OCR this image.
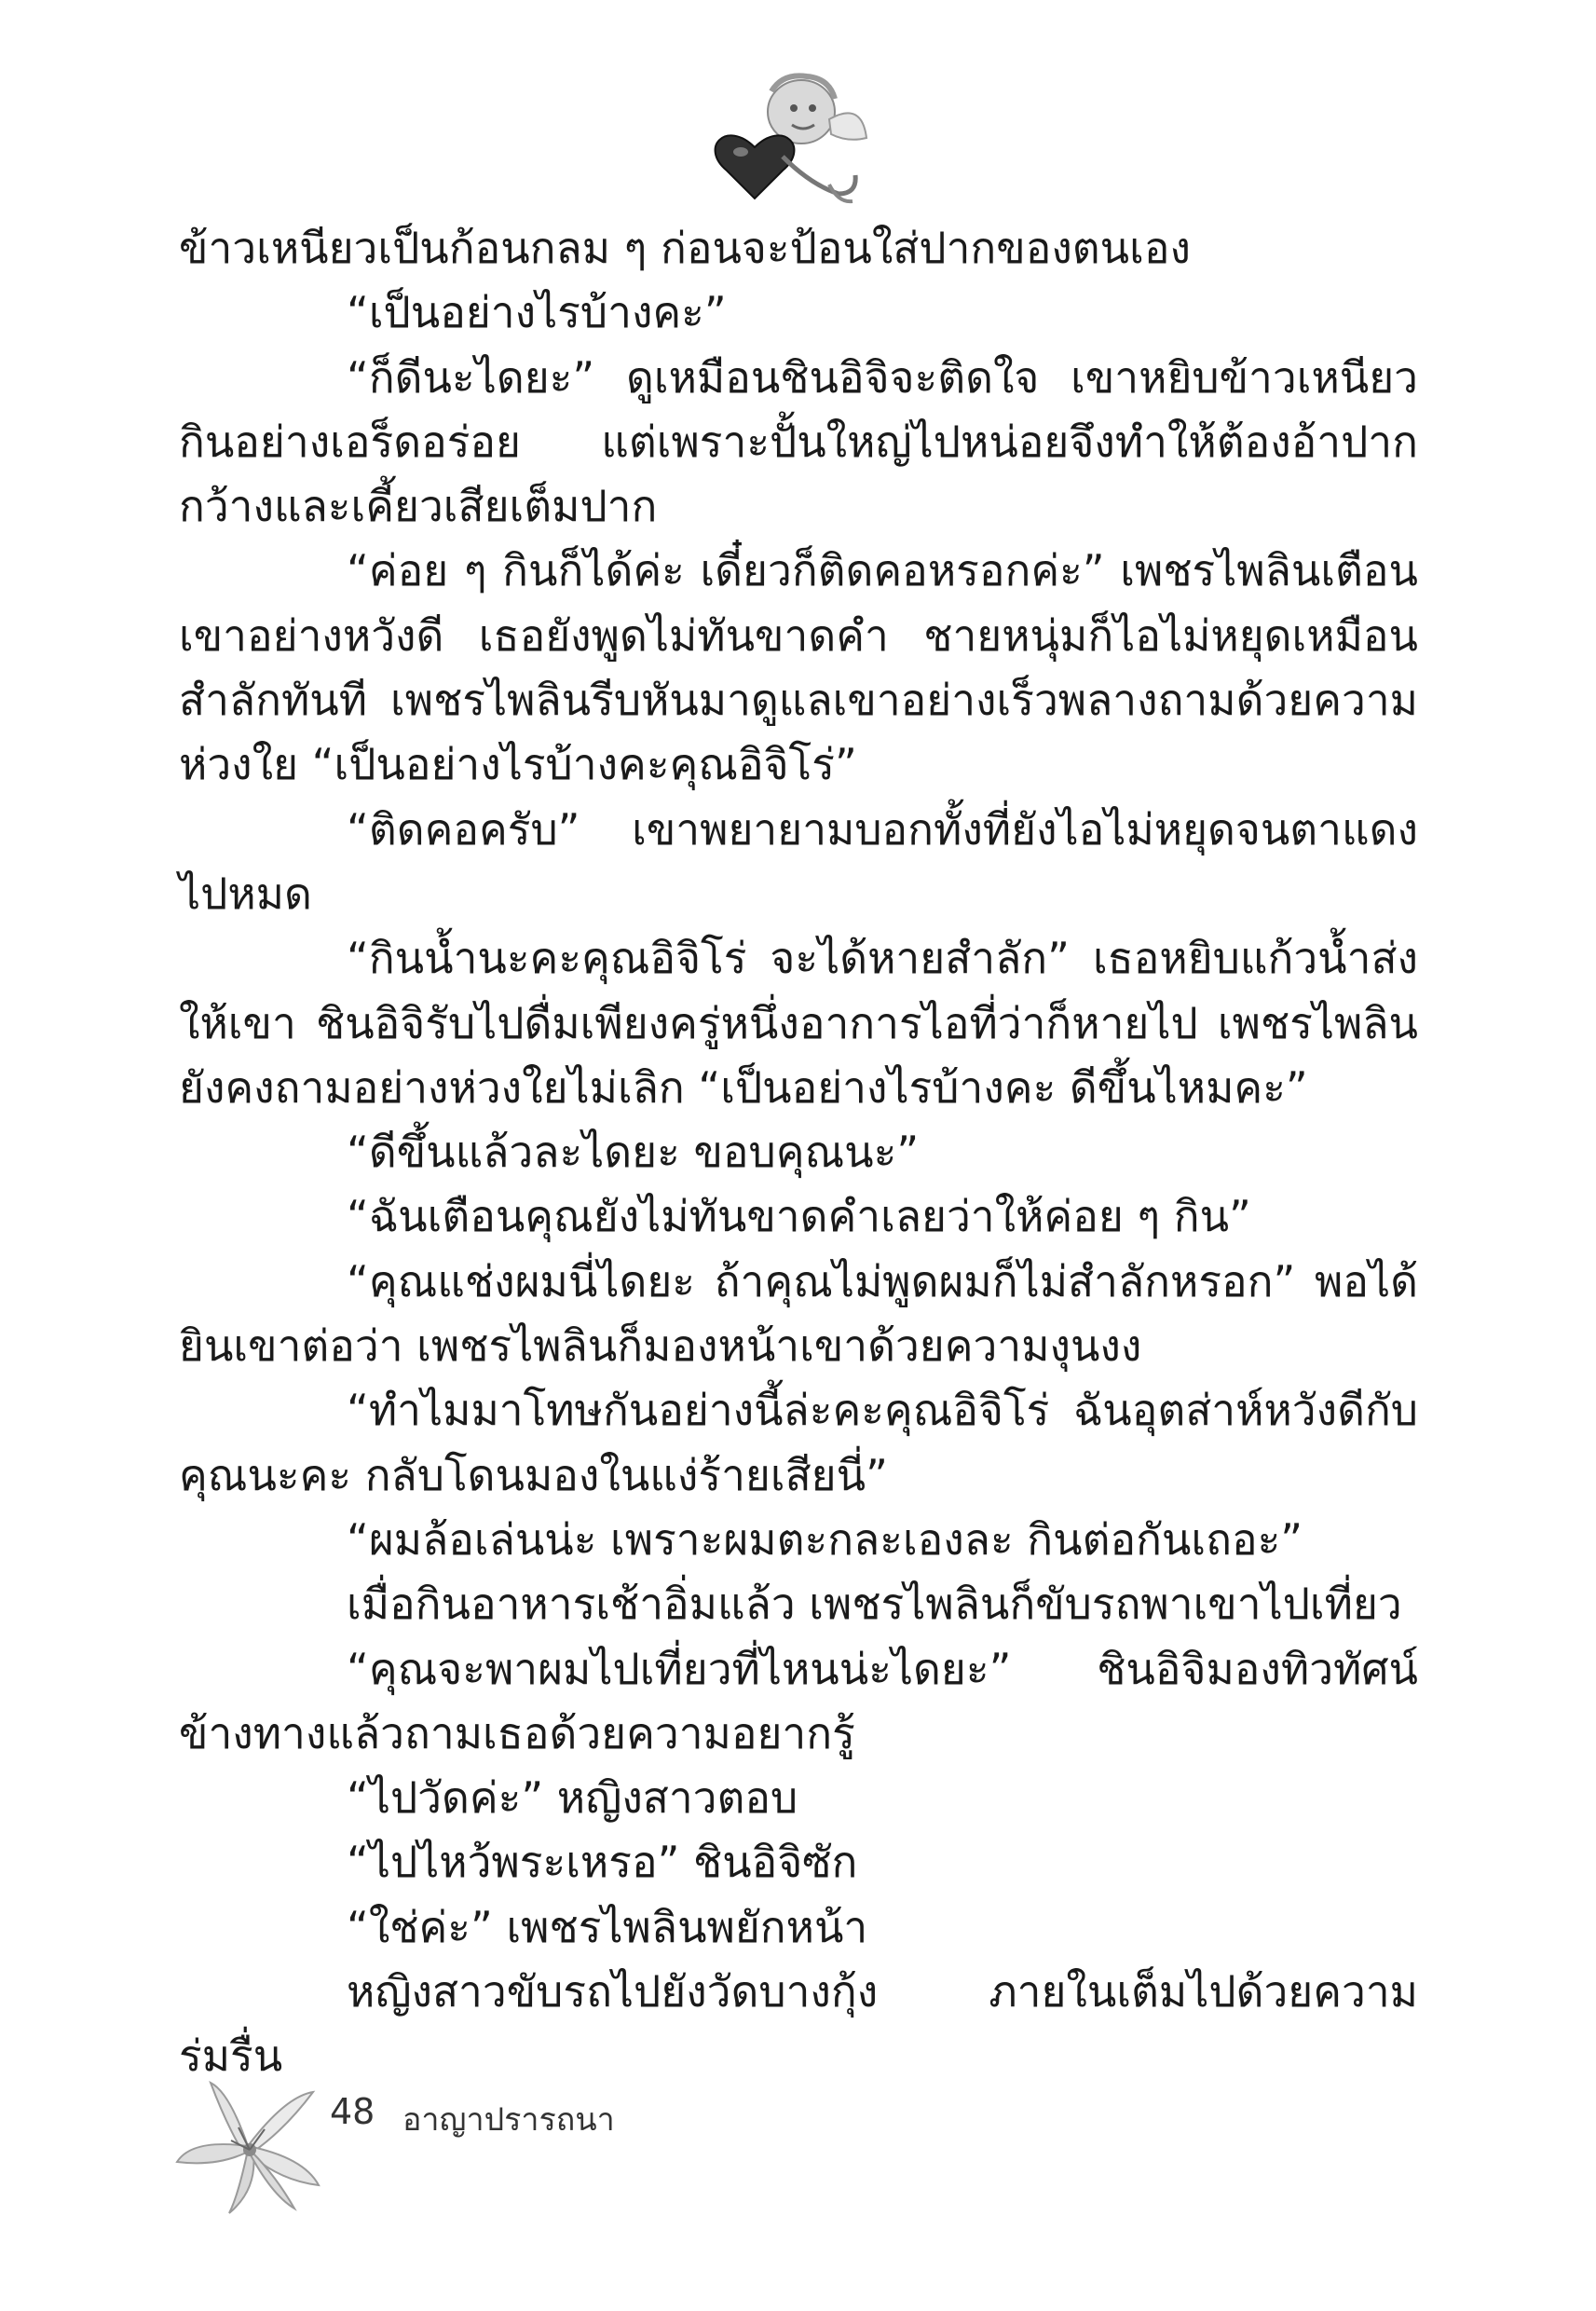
ข้าวเหนียวเป็นก้อนกลม ๆ ก่อนจะป้อนใส่ปากของตนเอง

“เป็นอย่างไรบ้างคะ”

“ก็ดีนะไดยะ” ดูเหมือนชินอิจิจะติดใจ เขาหยิบข้าวเหนียวกินอย่างเอร็ดอร่อย แต่เพราะปั้นใหญ่ไปหน่อยจึงทำให้ต้องอ้าปากกว้างและเคี้ยวเสียเต็มปาก

“ค่อย ๆ กินก็ได้ค่ะ เดี๋ยวก็ติดคอหรอกค่ะ” เพชรไพลินเตือนเขาอย่างหวังดี เธอยังพูดไม่ทันขาดคำ ชายหนุ่มก็ไอไม่หยุดเหมือนสำลักทันที เพชรไพลินรีบหันมาดูแลเขาอย่างเร็วพลางถามด้วยความห่วงใย “เป็นอย่างไรบ้างคะคุณอิจิโร่”

“ติดคอครับ” เขาพยายามบอกทั้งที่ยังไอไม่หยุดจนตาแดงไปหมด

“กินน้ำนะคะคุณอิจิโร่ จะได้หายสำลัก” เธอหยิบแก้วน้ำส่งให้เขา ชินอิจิรับไปดื่มเพียงครู่หนึ่งอาการไอที่ว่าก็หายไป เพชรไพลินยังคงถามอย่างห่วงใยไม่เลิก “เป็นอย่างไรบ้างคะ ดีขึ้นไหมคะ”

“ดีขึ้นแล้วละไดยะ ขอบคุณนะ”

“ฉันเตือนคุณยังไม่ทันขาดคำเลยว่าให้ค่อย ๆ กิน”

“คุณแช่งผมนี่ไดยะ ถ้าคุณไม่พูดผมก็ไม่สำลักหรอก” พอได้ยินเขาต่อว่า เพชรไพลินก็มองหน้าเขาด้วยความงุนงง

“ทำไมมาโทษกันอย่างนี้ล่ะคะคุณอิจิโร่ ฉันอุตส่าห์หวังดีกับคุณนะคะ กลับโดนมองในแง่ร้ายเสียนี่”

“ผมล้อเล่นน่ะ เพราะผมตะกละเองละ กินต่อกันเถอะ”

เมื่อกินอาหารเช้าอิ่มแล้ว เพชรไพลินก็ขับรถพาเขาไปเที่ยว

“คุณจะพาผมไปเที่ยวที่ไหนน่ะไดยะ” ชินอิจิมองทิวทัศน์ข้างทางแล้วถามเธอด้วยความอยากรู้

“ไปวัดค่ะ” หญิงสาวตอบ

“ไปไหว้พระเหรอ” ชินอิจิซัก

“ใช่ค่ะ” เพชรไพลินพยักหน้า

หญิงสาวขับรถไปยังวัดบางกุ้ง ภายในเต็มไปด้วยความร่มรื่น

48 อาญาปรารถนา
